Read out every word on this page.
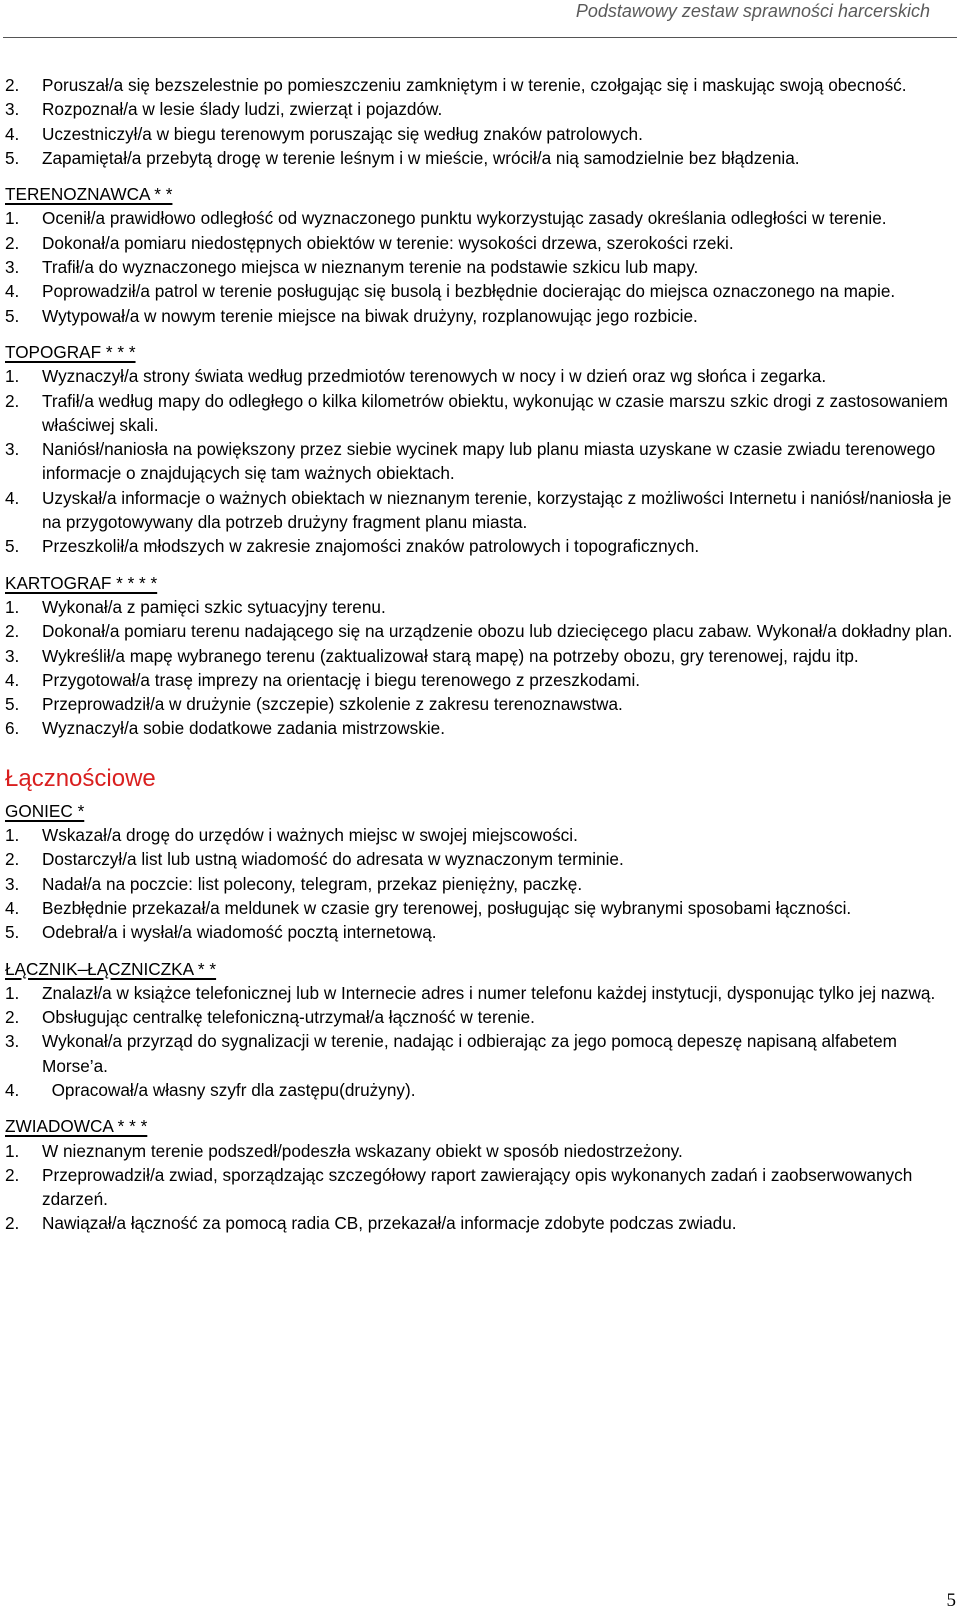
Podstawowy zestaw sprawności harcerskich
2.	Poruszał/a się bezszelestnie po pomieszczeniu zamkniętym i w terenie, czołgając się i maskując swoją obecność.
3.	Rozpoznał/a w lesie ślady ludzi, zwierząt i pojazdów.
4.	Uczestniczył/a w biegu terenowym poruszając się według znaków patrolowych.
5.	Zapamiętał/a przebytą drogę w terenie leśnym i w mieście, wrócił/a nią samodzielnie bez błądzenia.
TERENOZNAWCA * *
1.	Ocenił/a prawidłowo odległość od wyznaczonego punktu wykorzystując zasady określania odległości w terenie.
2.	Dokonał/a pomiaru niedostępnych obiektów w terenie: wysokości drzewa, szerokości rzeki.
3.	Trafił/a do wyznaczonego miejsca w nieznanym terenie na podstawie szkicu lub mapy.
4.	Poprowadził/a patrol w terenie posługując się busolą i bezbłędnie docierając do miejsca oznaczonego na mapie.
5.	Wytypował/a w nowym terenie miejsce na biwak drużyny, rozplanowując jego rozbicie.
TOPOGRAF * * *
1.	Wyznaczył/a strony świata według przedmiotów terenowych w nocy i w dzień oraz wg słońca i zegarka.
2.	Trafił/a według mapy do odległego o kilka kilometrów obiektu, wykonując w czasie marszu szkic drogi z zastosowaniem właściwej skali.
3.	Naniósł/naniosła na powiększony przez siebie wycinek mapy lub planu miasta uzyskane w czasie zwiadu terenowego informacje o znajdujących się tam ważnych obiektach.
4.	Uzyskał/a informacje o ważnych obiektach w nieznanym terenie, korzystając z możliwości Internetu i naniósł/naniosła je na przygotowywany dla potrzeb drużyny fragment planu miasta.
5.	Przeszkolił/a młodszych w zakresie znajomości znaków patrolowych i topograficznych.
KARTOGRAF * * * *
1.	Wykonał/a z pamięci szkic sytuacyjny terenu.
2.	Dokonał/a pomiaru terenu nadającego się na urządzenie obozu lub dziecięcego placu zabaw. Wykonał/a dokładny plan.
3.	Wykreślił/a mapę wybranego terenu (zaktualizował starą mapę) na potrzeby obozu, gry terenowej, rajdu itp.
4.	Przygotował/a trasę imprezy na orientację i biegu terenowego z przeszkodami.
5.	Przeprowadził/a w drużynie (szczepie) szkolenie z zakresu terenoznawstwa.
6.	Wyznaczył/a sobie dodatkowe zadania mistrzowskie.
Łącznościowe
GONIEC *
1.	Wskazał/a drogę do urzędów i ważnych miejsc w swojej miejscowości.
2.	Dostarczył/a list lub ustną wiadomość do adresata w wyznaczonym terminie.
3.	Nadał/a na poczcie: list polecony, telegram, przekaz pieniężny, paczkę.
4.	Bezbłędnie przekazał/a meldunek w czasie gry terenowej, posługując się wybranymi sposobami łączności.
5.	Odebrał/a i wysłał/a wiadomość pocztą internetową.
ŁĄCZNIK–ŁĄCZNICZKA * *
1.	Znalazł/a w książce telefonicznej lub w Internecie adres i numer telefonu każdej instytucji, dysponując tylko jej nazwą.
2.	Obsługując centralkę telefoniczną-utrzymał/a łączność w terenie.
3.	Wykonał/a przyrząd do sygnalizacji w terenie, nadając i odbierając za jego pomocą depeszę napisaną alfabetem Morse’a.
4.	Opracował/a własny szyfr dla zastępu(drużyny).
ZWIADOWCA * * *
1.	W nieznanym terenie podszedł/podeszła wskazany obiekt w sposób niedostrzeżony.
2.	Przeprowadził/a zwiad, sporządzając szczegółowy raport zawierający opis wykonanych zadań i zaobserwowanych zdarzeń.
2.	Nawiązał/a łączność za pomocą radia CB, przekazał/a informacje zdobyte podczas zwiadu.
5
